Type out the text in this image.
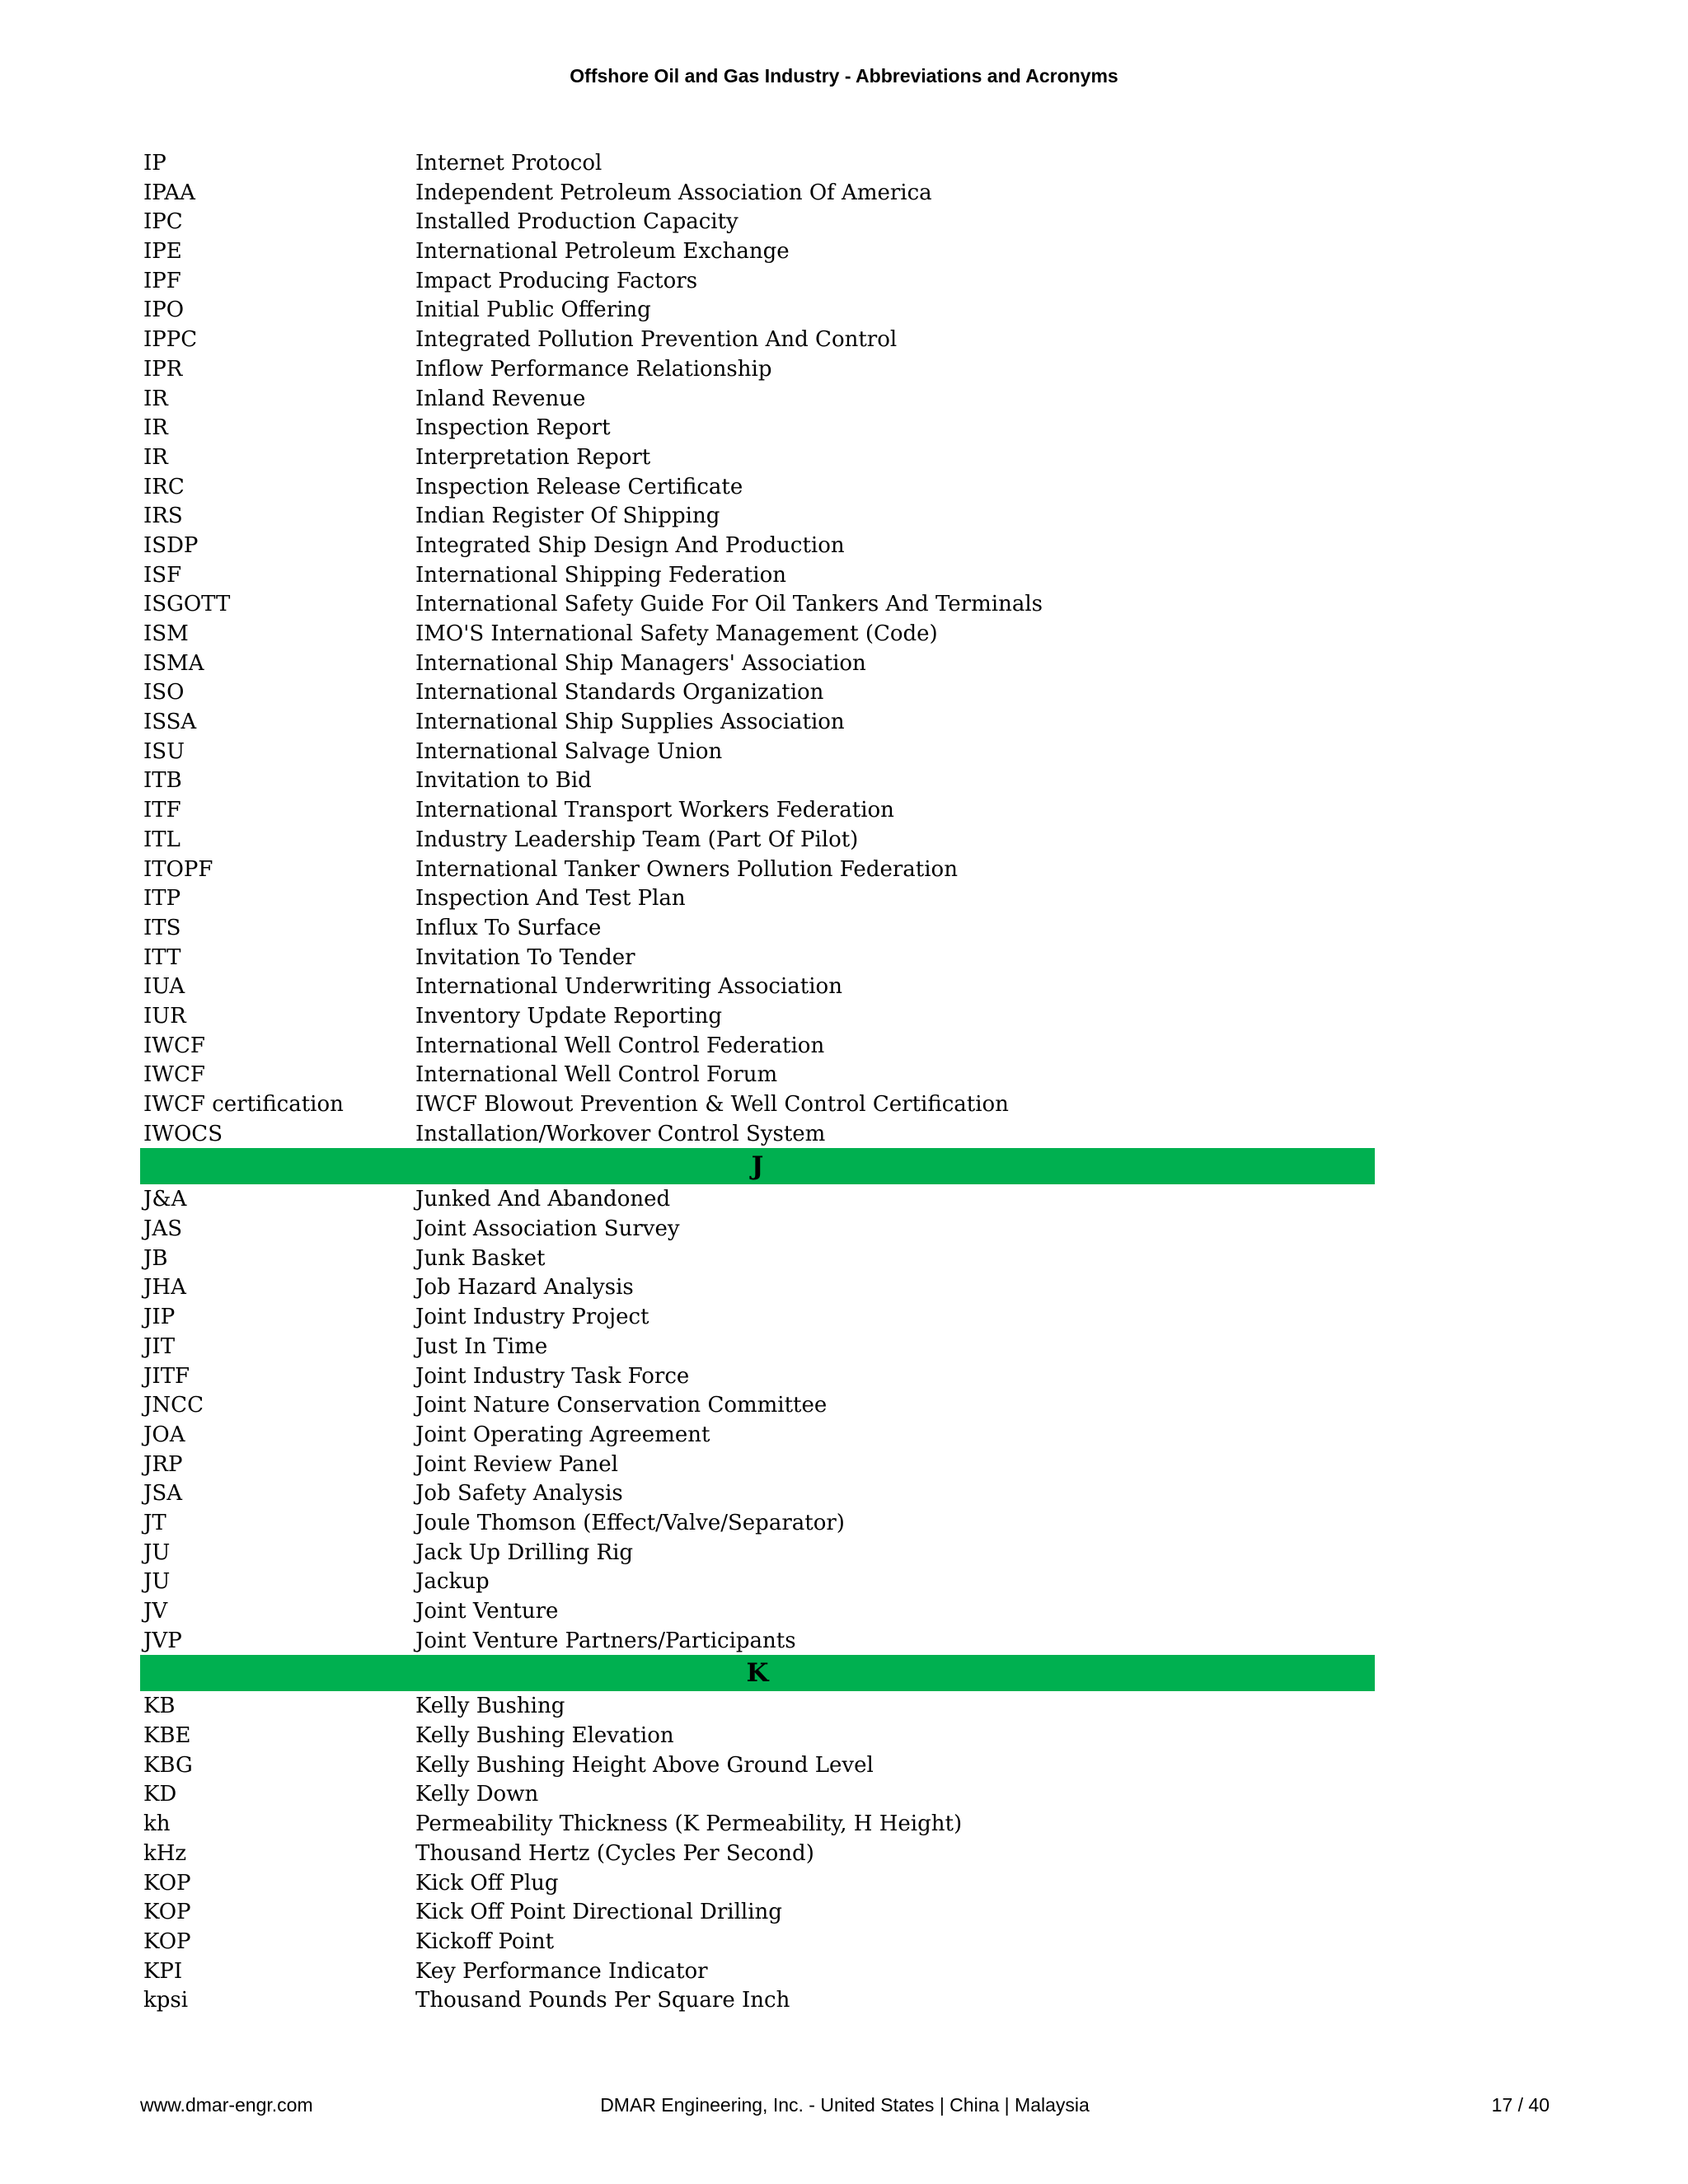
Offshore Oil and Gas Industry - Abbreviations and Acronyms
IP	Internet Protocol
IPAA	Independent Petroleum Association Of America
IPC	Installed Production Capacity
IPE	International Petroleum Exchange
IPF	Impact Producing Factors
IPO	Initial Public Offering
IPPC	Integrated Pollution Prevention And Control
IPR	Inflow Performance Relationship
IR	Inland Revenue
IR	Inspection Report
IR	Interpretation Report
IRC	Inspection Release Certificate
IRS	Indian Register Of Shipping
ISDP	Integrated Ship Design And Production
ISF	International Shipping Federation
ISGOTT	International Safety Guide For Oil Tankers And Terminals
ISM	IMO'S International Safety Management (Code)
ISMA	International Ship Managers' Association
ISO	International Standards Organization
ISSA	International Ship Supplies Association
ISU	International Salvage Union
ITB	Invitation to Bid
ITF	International Transport Workers Federation
ITL	Industry Leadership Team (Part Of Pilot)
ITOPF	International Tanker Owners Pollution Federation
ITP	Inspection And Test Plan
ITS	Influx To Surface
ITT	Invitation To Tender
IUA	International Underwriting Association
IUR	Inventory Update Reporting
IWCF	International Well Control Federation
IWCF	International Well Control Forum
IWCF certification	IWCF Blowout Prevention & Well Control Certification
IWOCS	Installation/Workover Control System
J
J&A	Junked And Abandoned
JAS	Joint Association Survey
JB	Junk Basket
JHA	Job Hazard Analysis
JIP	Joint Industry Project
JIT	Just In Time
JITF	Joint Industry Task Force
JNCC	Joint Nature Conservation Committee
JOA	Joint Operating Agreement
JRP	Joint Review Panel
JSA	Job Safety Analysis
JT	Joule Thomson (Effect/Valve/Separator)
JU	Jack Up Drilling Rig
JU	Jackup
JV	Joint Venture
JVP	Joint Venture Partners/Participants
K
KB	Kelly Bushing
KBE	Kelly Bushing Elevation
KBG	Kelly Bushing Height Above Ground Level
KD	Kelly Down
kh	Permeability Thickness (K Permeability, H Height)
kHz	Thousand Hertz (Cycles Per Second)
KOP	Kick Off Plug
KOP	Kick Off Point Directional Drilling
KOP	Kickoff Point
KPI	Key Performance Indicator
kpsi	Thousand Pounds Per Square Inch
www.dmar-engr.com	DMAR Engineering, Inc. - United States | China | Malaysia	17 / 40
